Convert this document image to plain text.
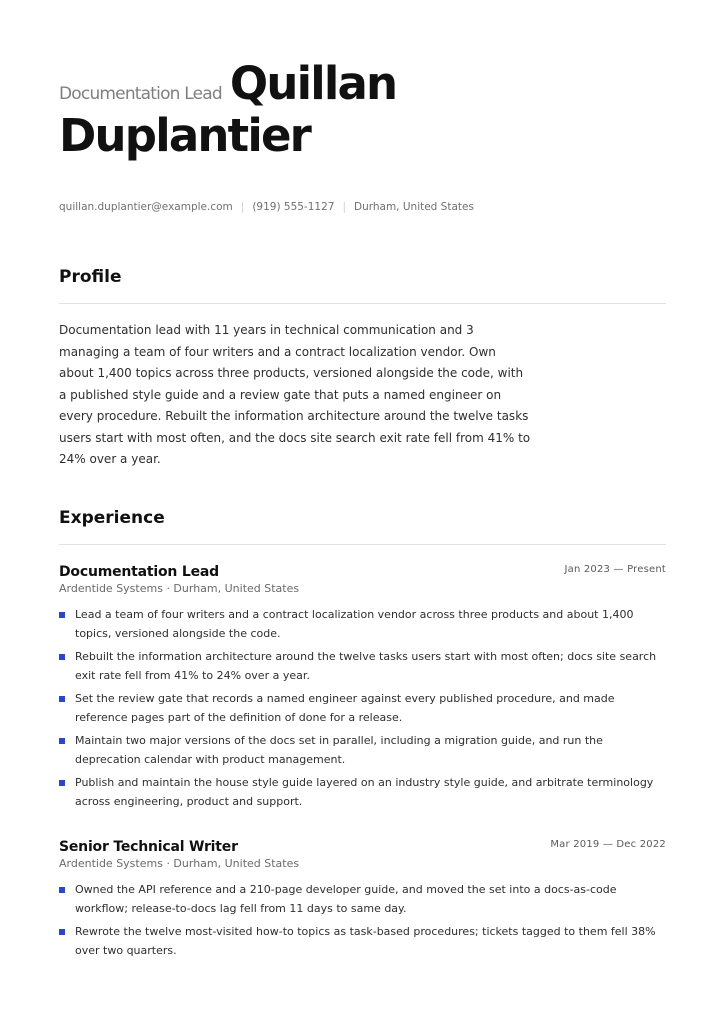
Documentation Lead Quillan
Duplantier
quillan.duplantier@example.com | (919) 555-1127 | Durham, United States
Profile
Documentation lead with 11 years in technical communication and 3 managing a team of four writers and a contract localization vendor. Own about 1,400 topics across three products, versioned alongside the code, with a published style guide and a review gate that puts a named engineer on every procedure. Rebuilt the information architecture around the twelve tasks users start with most often, and the docs site search exit rate fell from 41% to 24% over a year.
Experience
Documentation Lead	Jan 2023 — Present
Ardentide Systems · Durham, United States
Lead a team of four writers and a contract localization vendor across three products and about 1,400 topics, versioned alongside the code.
Rebuilt the information architecture around the twelve tasks users start with most often; docs site search exit rate fell from 41% to 24% over a year.
Set the review gate that records a named engineer against every published procedure, and made reference pages part of the definition of done for a release.
Maintain two major versions of the docs set in parallel, including a migration guide, and run the deprecation calendar with product management.
Publish and maintain the house style guide layered on an industry style guide, and arbitrate terminology across engineering, product and support.
Senior Technical Writer	Mar 2019 — Dec 2022
Ardentide Systems · Durham, United States
Owned the API reference and a 210-page developer guide, and moved the set into a docs-as-code workflow; release-to-docs lag fell from 11 days to same day.
Rewrote the twelve most-visited how-to topics as task-based procedures; tickets tagged to them fell 38% over two quarters.
